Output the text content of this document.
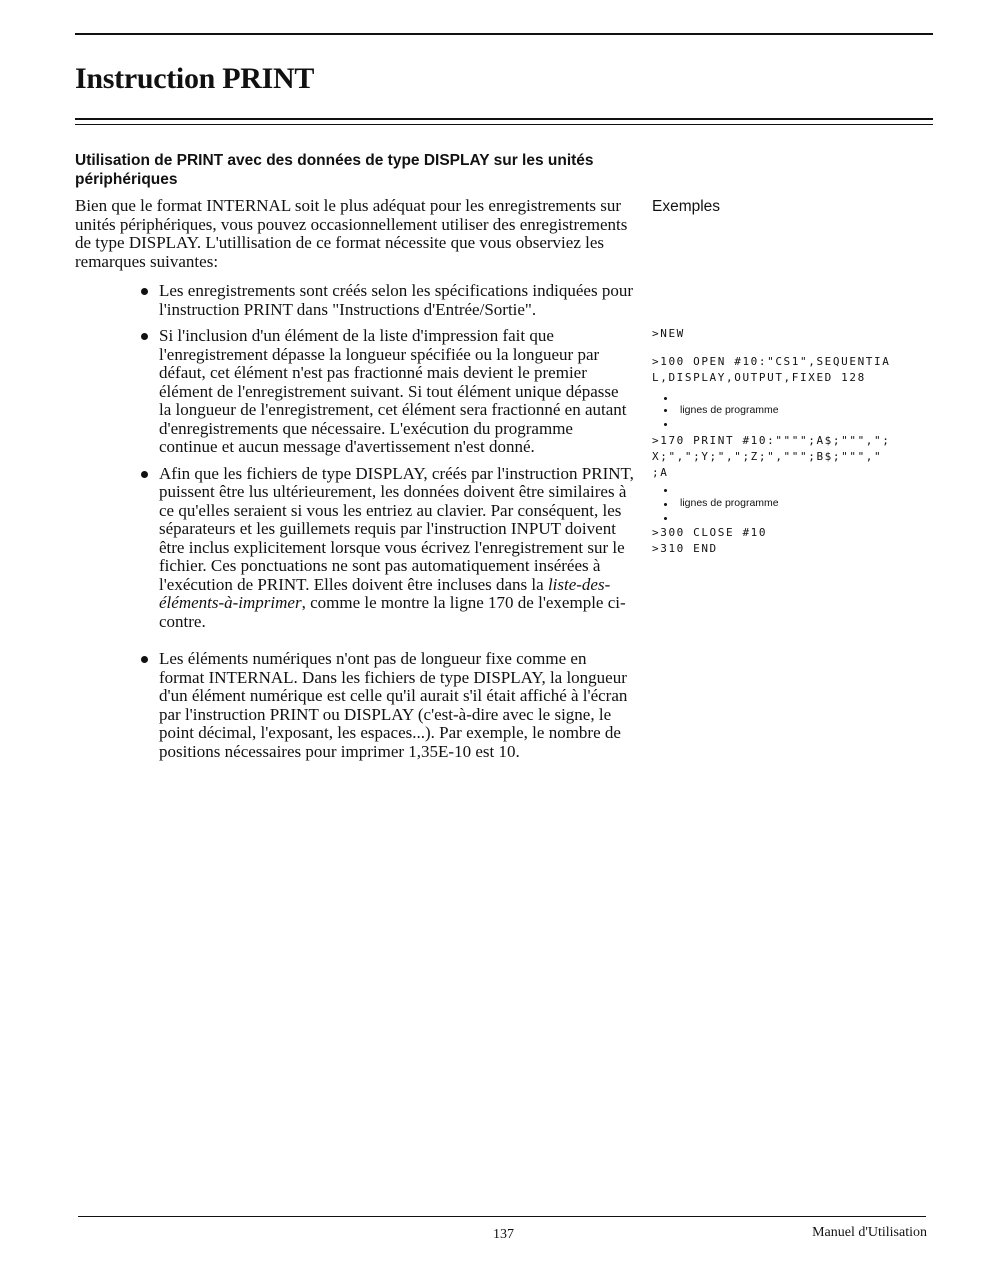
Instruction PRINT
Utilisation de PRINT avec des données de type DISPLAY sur les unités périphériques

Bien que le format INTERNAL soit le plus adéquat pour les enregistrements sur unités périphériques, vous pouvez occasionnellement utiliser des enregistrements de type DISPLAY. L'utillisation de ce format nécessite que vous observiez les remarques suivantes:

Les enregistrements sont créés selon les spécifications indiquées pour l'instruction PRINT dans "Instructions d'Entrée/Sortie".
Si l'inclusion d'un élément de la liste d'impression fait que l'enregistrement dépasse la longueur spécifiée ou la longueur par défaut, cet élément n'est pas fractionné mais devient le premier élément de l'enregistrement suivant. Si tout élément unique dépasse la longueur de l'enregistrement, cet élément sera fractionné en autant d'enregistrements que nécessaire. L'exécution du programme continue et aucun message d'avertissement n'est donné.
Afin que les fichiers de type DISPLAY, créés par l'instruction PRINT, puissent être lus ultérieurement, les données doivent être similaires à ce qu'elles seraient si vous les entriez au clavier. Par conséquent, les séparateurs et les guillemets requis par l'instruction INPUT doivent être inclus explicitement lorsque vous écrivez l'enregistrement sur le fichier. Ces ponctuations ne sont pas automatiquement insérées à l'exécution de PRINT. Elles doivent être incluses dans la liste-des-éléments-à-imprimer, comme le montre la ligne 170 de l'exemple ci-contre.
Les éléments numériques n'ont pas de longueur fixe comme en format INTERNAL. Dans les fichiers de type DISPLAY, la longueur d'un élément numérique est celle qu'il aurait s'il était affiché à l'écran par l'instruction PRINT ou DISPLAY (c'est-à-dire avec le signe, le point décimal, l'exposant, les espaces...). Par exemple, le nombre de positions nécessaires pour imprimer 1,35E-10 est 10.

Exemples

>NEW
>100 OPEN #10:"CS1",SEQUENTIA
L,DISPLAY,OUTPUT,FIXED 128

lignes de programme

>170 PRINT #10:"""";A$;""",";
X;",";Y;",";Z;",""";B$;""","
;A

lignes de programme

>300 CLOSE #10
>310 END
137	Manuel d'Utilisation
